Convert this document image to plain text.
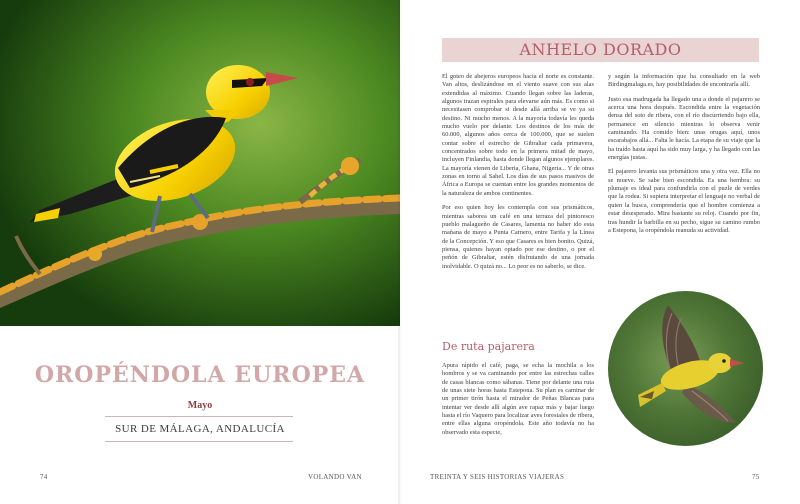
OROPÉNDOLA EUROPEA
Mayo
SUR DE MÁLAGA, ANDALUCÍA
74	VOLANDO VAN
ANHELO DORADO

El goteo de abejeros europeos hacia el norte es constante. Van altos, deslizándose en el viento suave con sus alas extendidas al máximo. Cuando llegan sobre las laderas, algunos trazan espirales para elevarse aún más. Es como si necesitasen comprobar si desde allá arriba se ve ya su destino. Ni mucho menos. A la mayoría todavía les queda mucho vuelo por delante. Los destinos de los más de 60.000, algunos años cerca de 100.000, que se suelen contar sobre el estrecho de Gibraltar cada primavera, concentrados sobre todo en la primera mitad de mayo, incluyen Finlandia, hasta donde llegan algunos ejemplares. La mayoría vienen de Liberia, Ghana, Nigeria... Y de otras zonas en torno al Sahel. Los días de sus pasos masivos de África a Europa se cuentan entre los grandes momentos de la naturaleza de ambos continentes.

Por eso quien hoy les contempla con sus prismáticos, mientras saborea un café en una terraza del pintoresco pueblo malagueño de Casares, lamenta no haber ido esta mañana de mayo a Punta Carnero, entre Tarifa y la Línea de la Concepción. Y eso que Casares es bien bonito. Quizá, piensa, quienes hayan optado por ese destino, o por el peñón de Gibraltar, estén disfrutando de una jornada inolvidable. O quizá no... Lo peor es no saberlo, se dice.

De ruta pajarera

Apura rápido el café, paga, se echa la mochila a los hombros y se va caminando por entre las estrechas calles de casas blancas como sábanas. Tiene por delante una ruta de unas siete horas hasta Estepona. Su plan es caminar de un primer tirón hasta el mirador de Peñas Blancas para intentar ver desde allí algún ave rapaz más y bajar luego hasta el río Vaquero para localizar aves forestales de ribera, entre ellas alguna oropéndola. Este año todavía no ha observado esta especie,

y según la información que ha consultado en la web Birdingmalaga.es, hay posibilidades de encontrarla allí.

Justo esa madrugada ha llegado una a donde el pajarero se acerca una hora después. Escondida entre la vegetación densa del soto de ribera, con el río discurriendo bajo ella, permanece en silencio mientras lo observa venir caminando. Ha comido bien: unas orugas aquí, unos escarabajos allá... Falta le hacía. La etapa de su viaje que la ha traído hasta aquí ha sido muy larga, y ha llegado con las energías justas.

El pajarero levanta sus prismáticos una y otra vez. Ella no se mueve. Se sabe bien escondida. Es una hembra: su plumaje es ideal para confundirla con el puzle de verdes que la rodea. Si supiera interpretar el lenguaje no verbal de quien la busca, comprendería que el hombre comienza a estar desesperado. Mira bastante su reloj. Cuando por fin, tras hundir la barbilla en su pecho, sigue su camino rumbo a Estepona, la oropéndola reanuda su actividad.

TREINTA Y SEIS HISTORIAS VIAJERAS	75
